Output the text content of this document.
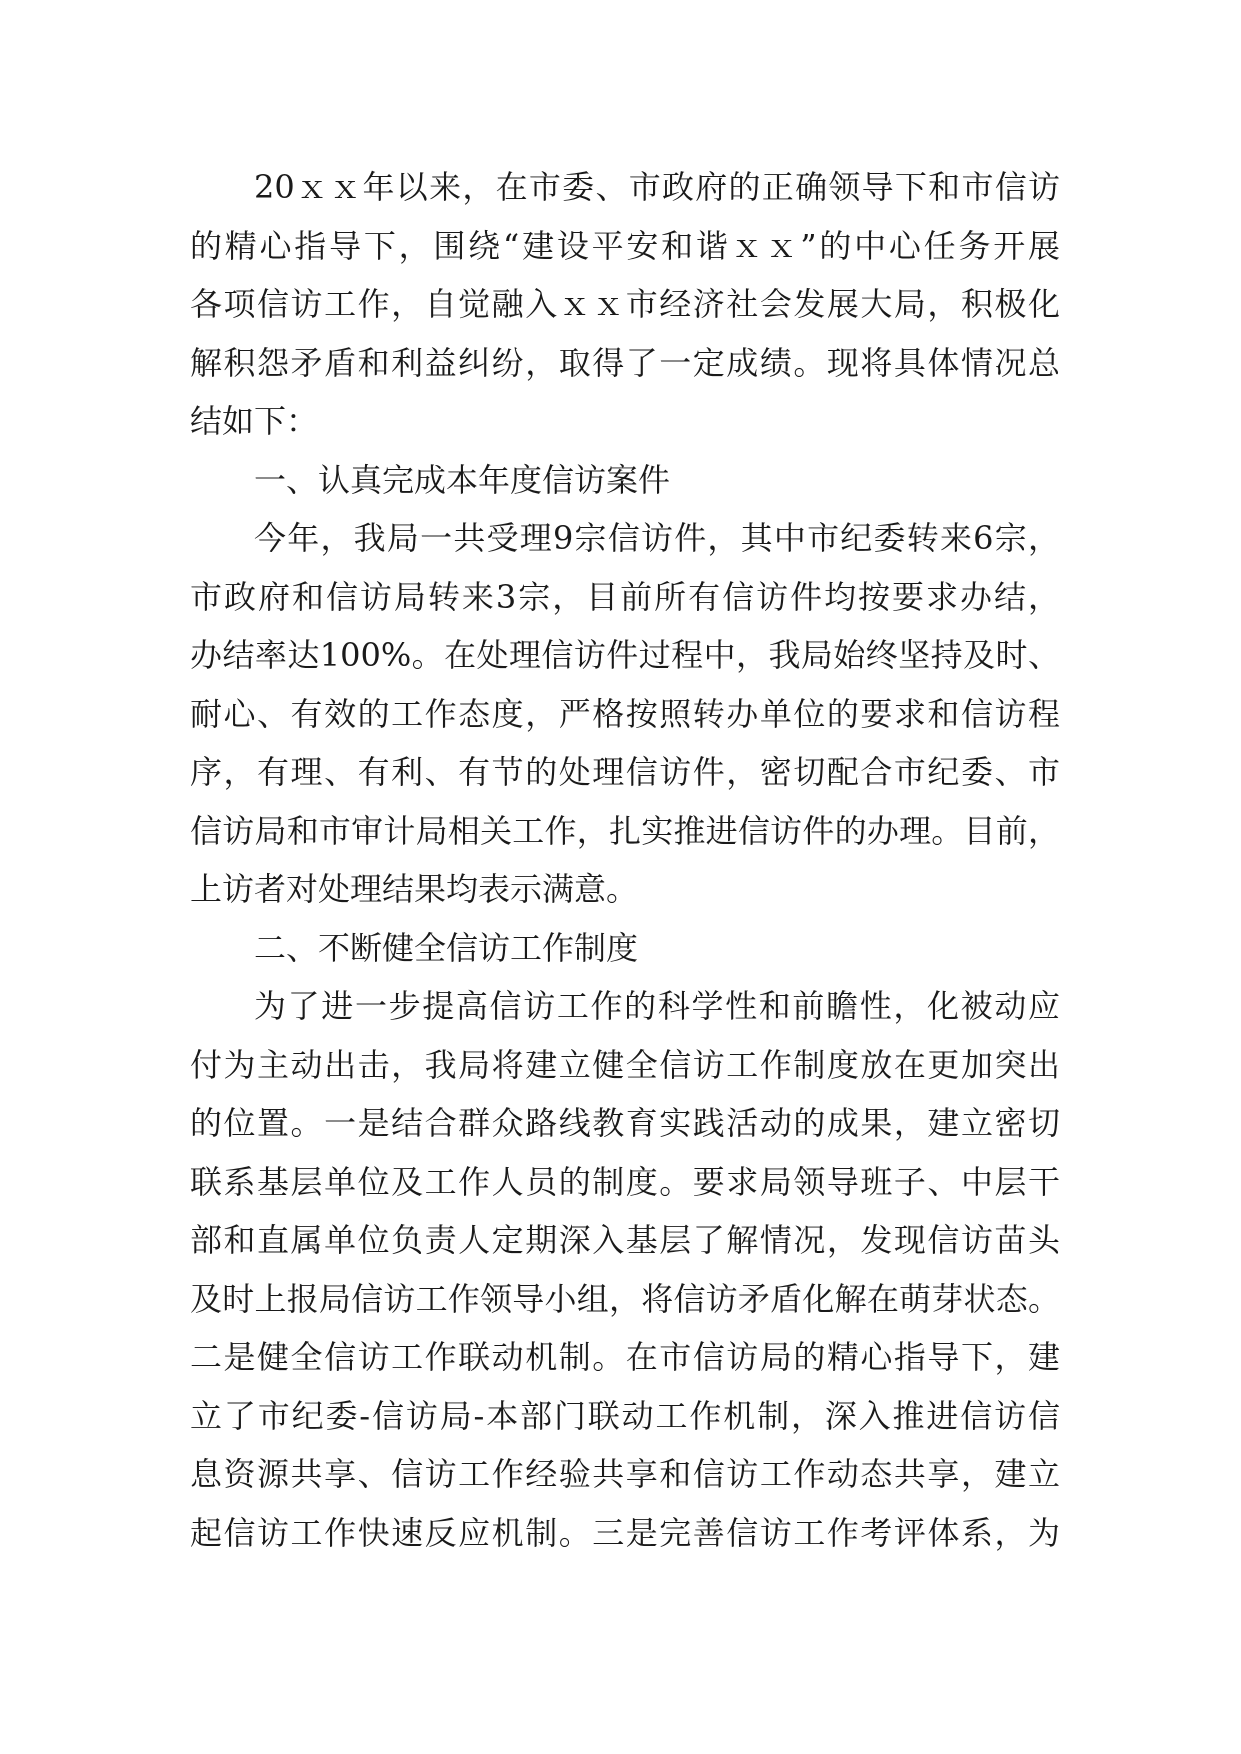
20ｘｘ年以来，在市委、市政府的正确领导下和市信访
的精心指导下，围绕“建设平安和谐ｘｘ”的中心任务开展
各项信访工作，自觉融入ｘｘ市经济社会发展大局，积极化
解积怨矛盾和利益纠纷，取得了一定成绩。现将具体情况总
结如下：
一、认真完成本年度信访案件
今年，我局一共受理9宗信访件，其中市纪委转来6宗，
市政府和信访局转来3宗，目前所有信访件均按要求办结，
办结率达100%。在处理信访件过程中，我局始终坚持及时、
耐心、有效的工作态度，严格按照转办单位的要求和信访程
序，有理、有利、有节的处理信访件，密切配合市纪委、市
信访局和市审计局相关工作，扎实推进信访件的办理。目前，
上访者对处理结果均表示满意。
二、不断健全信访工作制度
为了进一步提高信访工作的科学性和前瞻性，化被动应
付为主动出击，我局将建立健全信访工作制度放在更加突出
的位置。一是结合群众路线教育实践活动的成果，建立密切
联系基层单位及工作人员的制度。要求局领导班子、中层干
部和直属单位负责人定期深入基层了解情况，发现信访苗头
及时上报局信访工作领导小组，将信访矛盾化解在萌芽状态。
二是健全信访工作联动机制。在市信访局的精心指导下，建
立了市纪委-信访局-本部门联动工作机制，深入推进信访信
息资源共享、信访工作经验共享和信访工作动态共享，建立
起信访工作快速反应机制。三是完善信访工作考评体系，为
